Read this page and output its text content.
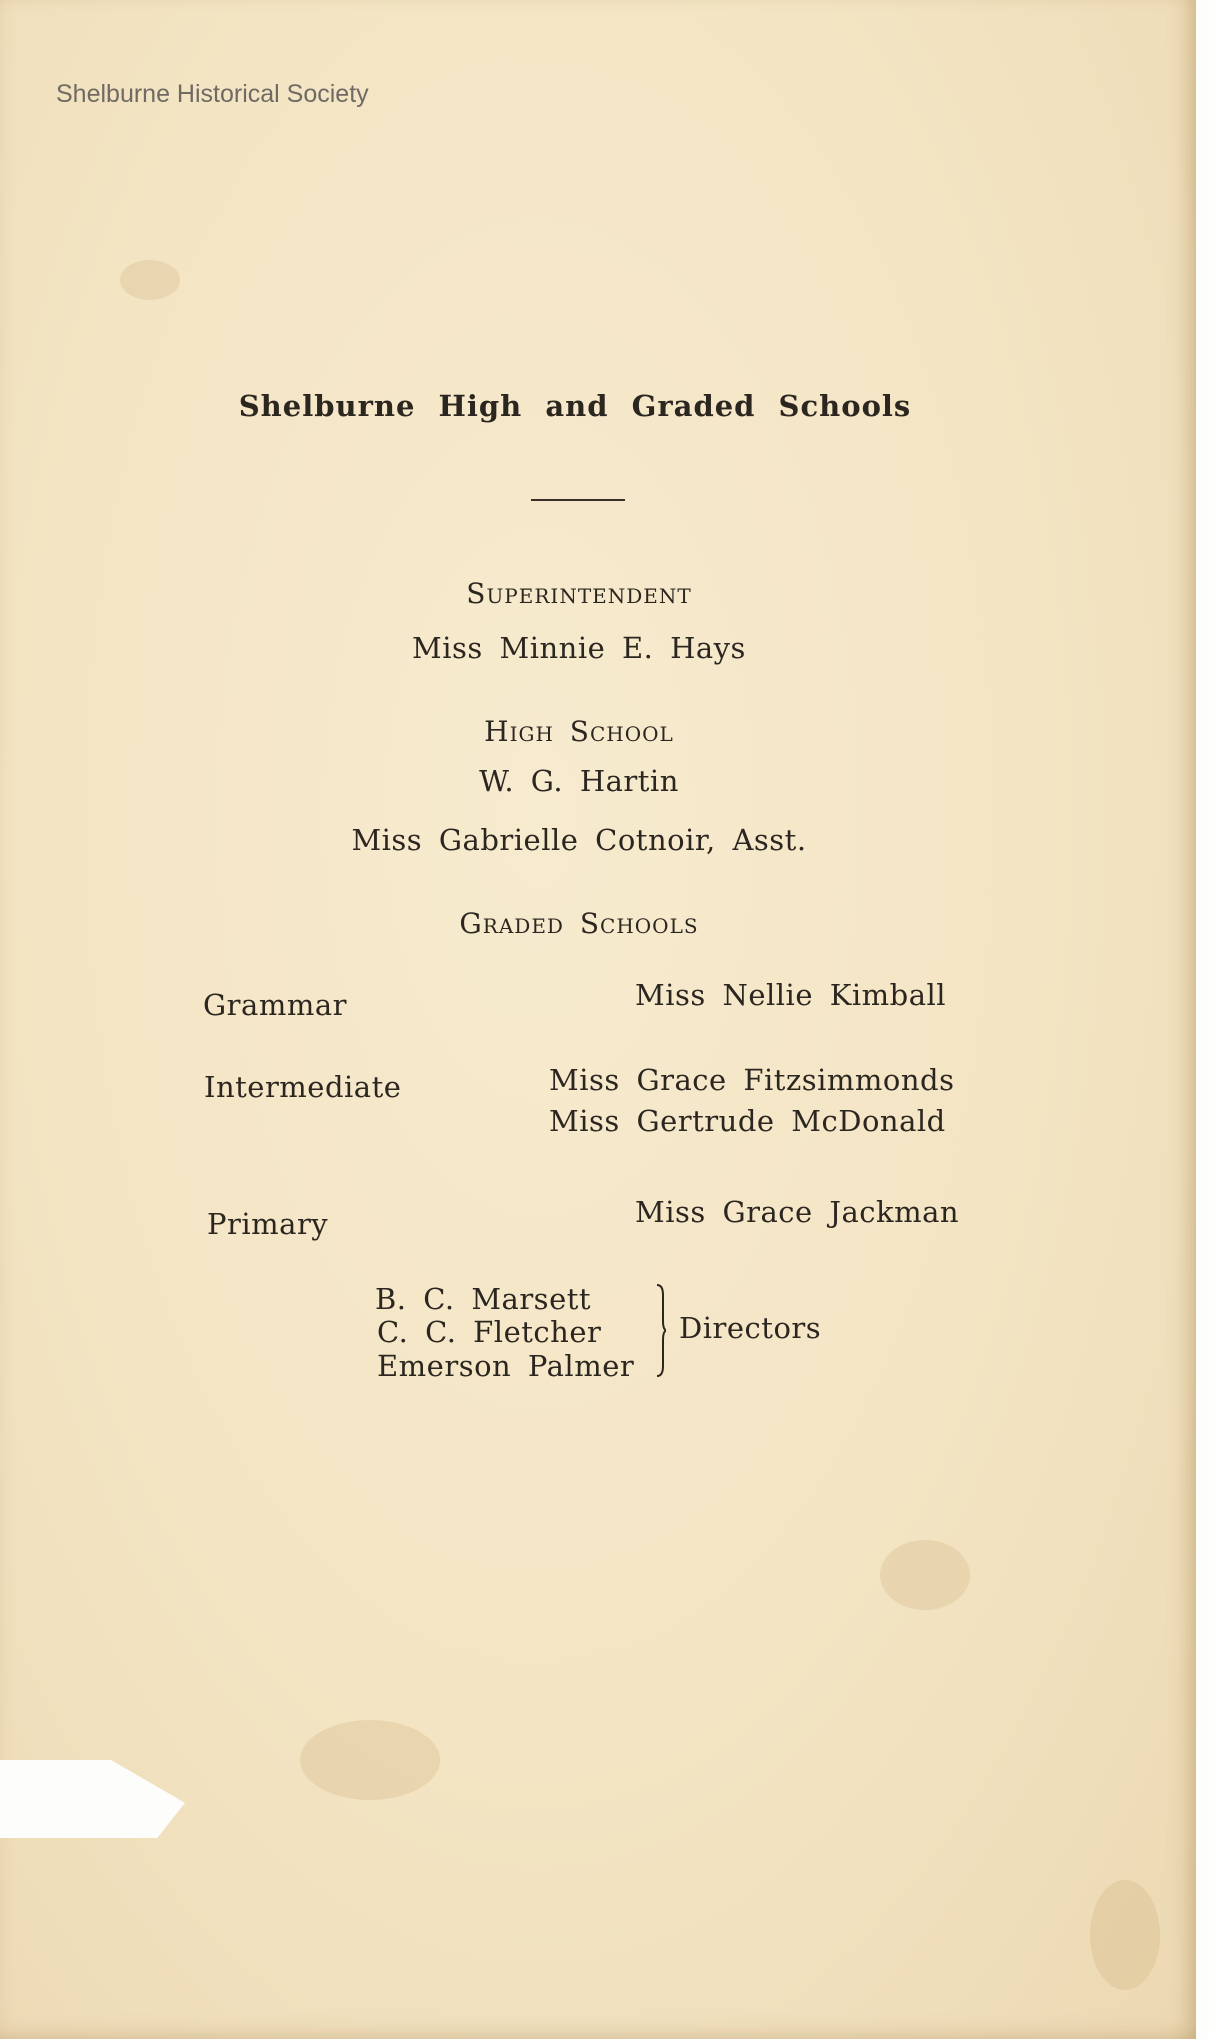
Shelburne Historical Society
Shelburne High and Graded Schools
Superintendent
Miss Minnie E. Hays
High School
W. G. Hartin
Miss Gabrielle Cotnoir, Asst.
Graded Schools
Grammar	Miss Nellie Kimball
Intermediate	Miss Grace Fitzsimmonds
Miss Gertrude McDonald
Primary	Miss Grace Jackman
B. C. Marsett
C. C. Fletcher
Emerson Palmer
Directors
